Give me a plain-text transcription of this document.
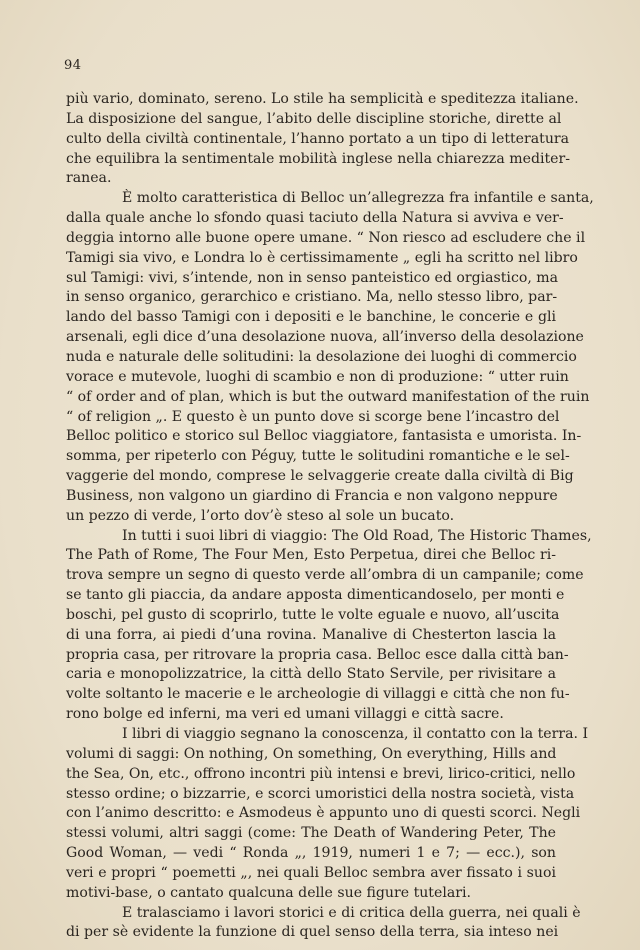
94

più vario, dominato, sereno. Lo stile ha semplicità e speditezza italiane.
La disposizione del sangue, l’abito delle discipline storiche, dirette al
culto della civiltà continentale, l’hanno portato a un tipo di letteratura
che equilibra la sentimentale mobilità inglese nella chiarezza mediter-
ranea.

È molto caratteristica di Belloc un’allegrezza fra infantile e santa,
dalla quale anche lo sfondo quasi taciuto della Natura si avviva e ver-
deggia intorno alle buone opere umane. “ Non riesco ad escludere che il
Tamigi sia vivo, e Londra lo è certissimamente „ egli ha scritto nel libro
sul Tamigi: vivi, s’intende, non in senso panteistico ed orgiastico, ma
in senso organico, gerarchico e cristiano. Ma, nello stesso libro, par-
lando del basso Tamigi con i depositi e le banchine, le concerie e gli
arsenali, egli dice d’una desolazione nuova, all’inverso della desolazione
nuda e naturale delle solitudini: la desolazione dei luoghi di commercio
vorace e mutevole, luoghi di scambio e non di produzione: “ utter ruin
“ of order and of plan, which is but the outward manifestation of the ruin
“ of religion „. E questo è un punto dove si scorge bene l’incastro del
Belloc politico e storico sul Belloc viaggiatore, fantasista e umorista. In-
somma, per ripeterlo con Péguy, tutte le solitudini romantiche e le sel-
vaggerie del mondo, comprese le selvaggerie create dalla civiltà di Big
Business, non valgono un giardino di Francia e non valgono neppure
un pezzo di verde, l’orto dov’è steso al sole un bucato.

In tutti i suoi libri di viaggio: The Old Road, The Historic Thames,
The Path of Rome, The Four Men, Esto Perpetua, direi che Belloc ri-
trova sempre un segno di questo verde all’ombra di un campanile; come
se tanto gli piaccia, da andare apposta dimenticandoselo, per monti e
boschi, pel gusto di scoprirlo, tutte le volte eguale e nuovo, all’uscita
di una forra, ai piedi d’una rovina. Manalive di Chesterton lascia la
propria casa, per ritrovare la propria casa. Belloc esce dalla città ban-
caria e monopolizzatrice, la città dello Stato Servile, per rivisitare a
volte soltanto le macerie e le archeologie di villaggi e città che non fu-
rono bolge ed inferni, ma veri ed umani villaggi e città sacre.

I libri di viaggio segnano la conoscenza, il contatto con la terra. I
volumi di saggi: On nothing, On something, On everything, Hills and
the Sea, On, etc., offrono incontri più intensi e brevi, lirico-critici, nello
stesso ordine; o bizzarrie, e scorci umoristici della nostra società, vista
con l’animo descritto: e Asmodeus è appunto uno di questi scorci. Negli
stessi volumi, altri saggi (come: The Death of Wandering Peter, The
Good Woman, — vedi “ Ronda „, 1919, numeri 1 e 7; — ecc.), son
veri e propri “ poemetti „, nei quali Belloc sembra aver fissato i suoi
motivi-base, o cantato qualcuna delle sue figure tutelari.

E tralasciamo i lavori storici e di critica della guerra, nei quali è
di per sè evidente la funzione di quel senso della terra, sia inteso nei
